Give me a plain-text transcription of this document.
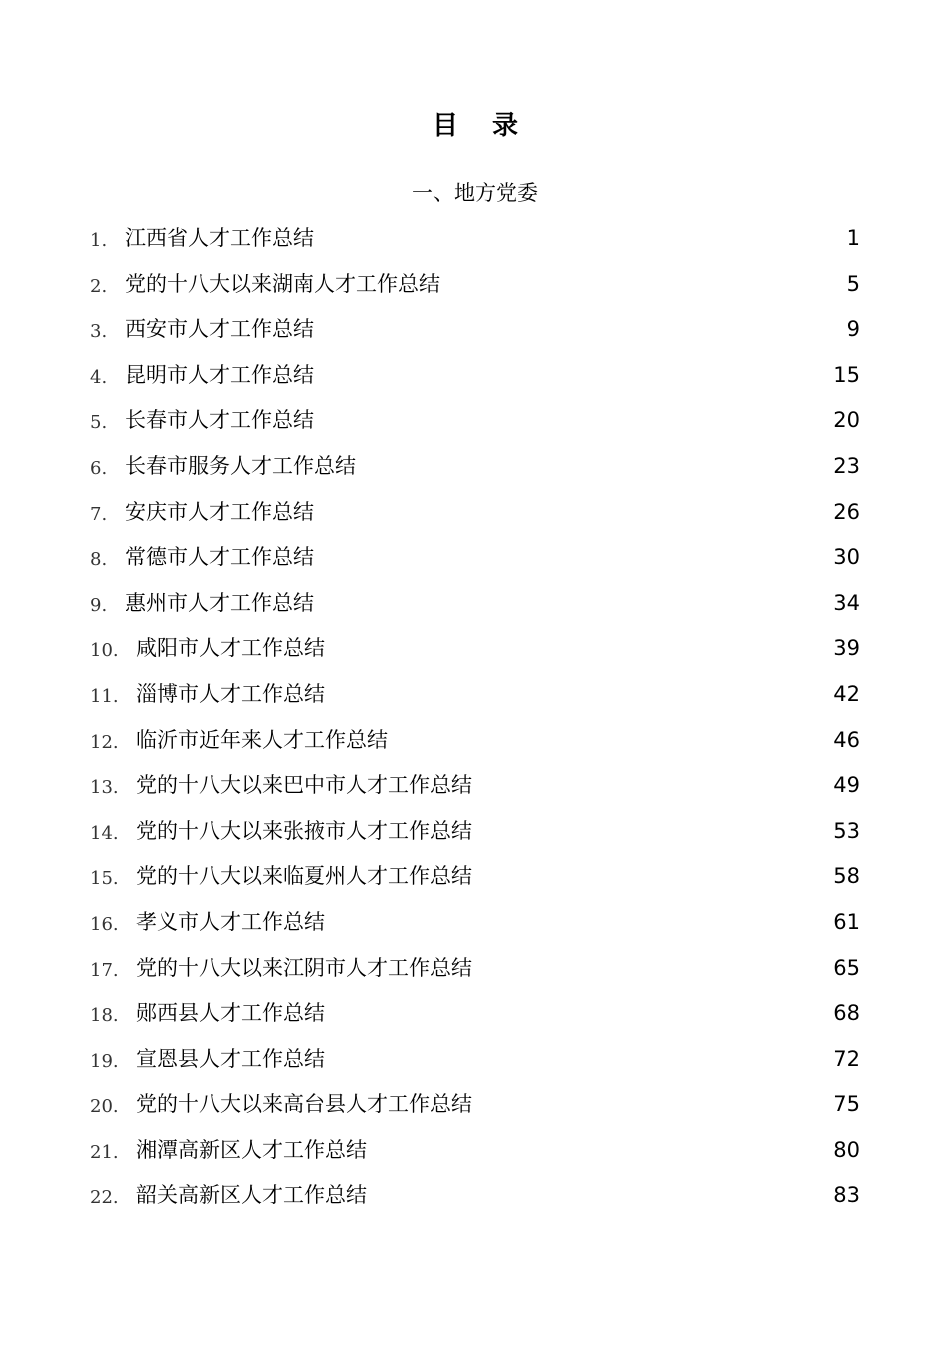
目 录
一、地方党委
1. 江西省人才工作总结	1
2. 党的十八大以来湖南人才工作总结	5
3. 西安市人才工作总结	9
4. 昆明市人才工作总结	15
5. 长春市人才工作总结	20
6. 长春市服务人才工作总结	23
7. 安庆市人才工作总结	26
8. 常德市人才工作总结	30
9. 惠州市人才工作总结	34
10. 咸阳市人才工作总结	39
11. 淄博市人才工作总结	42
12. 临沂市近年来人才工作总结	46
13. 党的十八大以来巴中市人才工作总结	49
14. 党的十八大以来张掖市人才工作总结	53
15. 党的十八大以来临夏州人才工作总结	58
16. 孝义市人才工作总结	61
17. 党的十八大以来江阴市人才工作总结	65
18. 郧西县人才工作总结	68
19. 宣恩县人才工作总结	72
20. 党的十八大以来高台县人才工作总结	75
21. 湘潭高新区人才工作总结	80
22. 韶关高新区人才工作总结	83
